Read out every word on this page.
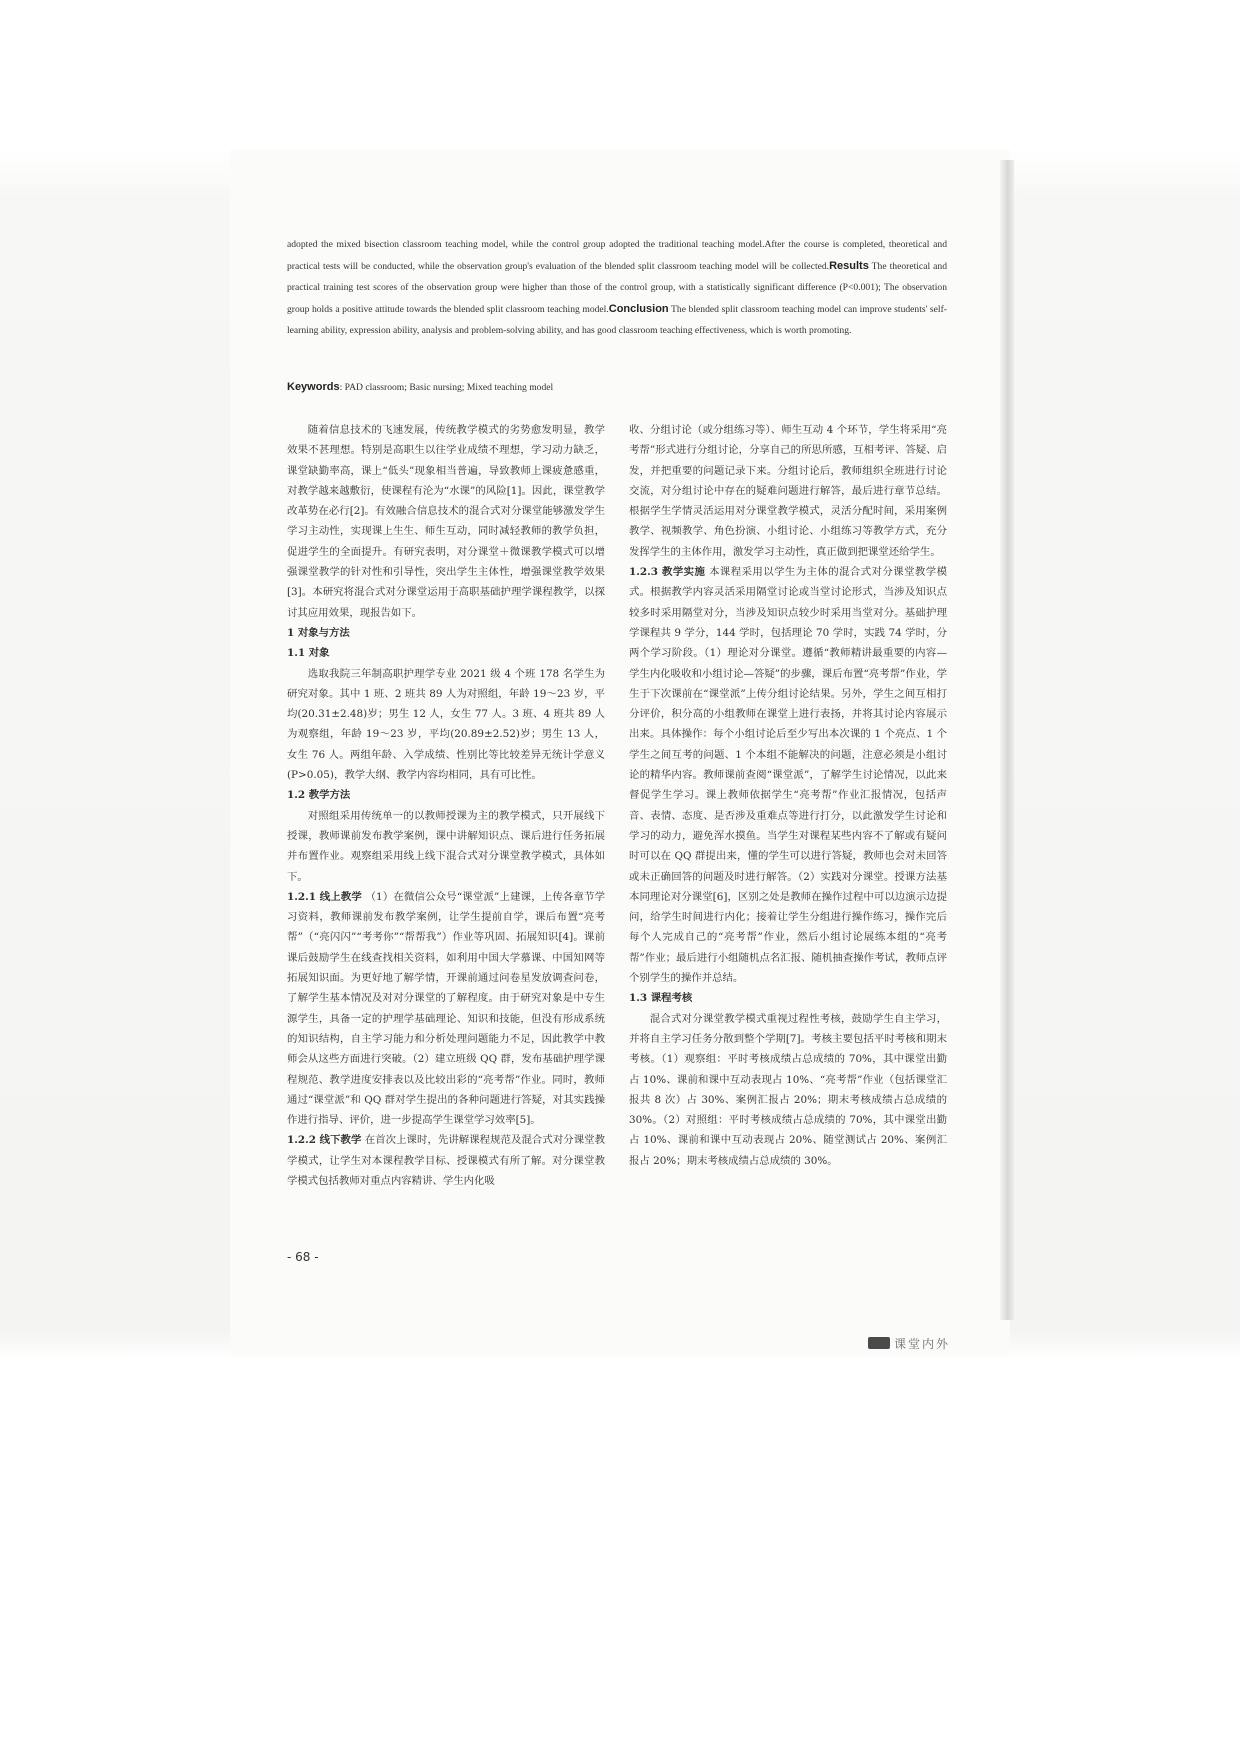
adopted the mixed bisection classroom teaching model, while the control group adopted the traditional teaching model.After the course is completed, theoretical and practical tests will be conducted, while the observation group's evaluation of the blended split classroom teaching model will be collected.Results The theoretical and practical training test scores of the observation group were higher than those of the control group, with a statistically significant difference (P<0.001); The observation group holds a positive attitude towards the blended split classroom teaching model.Conclusion The blended split classroom teaching model can improve students' self-learning ability, expression ability, analysis and problem-solving ability, and has good classroom teaching effectiveness, which is worth promoting.
Keywords: PAD classroom; Basic nursing; Mixed teaching model

随着信息技术的飞速发展，传统教学模式的劣势愈发明显，教学效果不甚理想。特别是高职生以往学业成绩不理想，学习动力缺乏，课堂缺勤率高，课上“低头”现象相当普遍，导致教师上课疲惫感重，对教学越来越敷衍，使课程有沦为“水课”的风险[1]。因此，课堂教学改革势在必行[2]。有效融合信息技术的混合式对分课堂能够激发学生学习主动性，实现课上生生、师生互动，同时减轻教师的教学负担，促进学生的全面提升。有研究表明，对分课堂＋微课教学模式可以增强课堂教学的针对性和引导性，突出学生主体性，增强课堂教学效果[3]。本研究将混合式对分课堂运用于高职基础护理学课程教学，以探讨其应用效果，现报告如下。

1 对象与方法

1.1 对象

选取我院三年制高职护理学专业 2021 级 4 个班 178 名学生为研究对象。其中 1 班、2 班共 89 人为对照组，年龄 19～23 岁，平均(20.31±2.48)岁；男生 12 人，女生 77 人。3 班、4 班共 89 人为观察组，年龄 19～23 岁，平均(20.89±2.52)岁；男生 13 人，女生 76 人。两组年龄、入学成绩、性别比等比较差异无统计学意义(P>0.05)，教学大纲、教学内容均相同，具有可比性。

1.2 教学方法

对照组采用传统单一的以教师授课为主的教学模式，只开展线下授课，教师课前发布教学案例，课中讲解知识点、课后进行任务拓展并布置作业。观察组采用线上线下混合式对分课堂教学模式，具体如下。

1.2.1 线上教学 （1）在微信公众号“课堂派”上建课，上传各章节学习资料，教师课前发布教学案例，让学生提前自学，课后布置“亮考帮”（“亮闪闪”“考考你”“帮帮我”）作业等巩固、拓展知识[4]。课前课后鼓励学生在线查找相关资料，如利用中国大学慕课、中国知网等拓展知识面。为更好地了解学情，开课前通过问卷星发放调查问卷，了解学生基本情况及对对分课堂的了解程度。由于研究对象是中专生源学生，具备一定的护理学基础理论、知识和技能，但没有形成系统的知识结构，自主学习能力和分析处理问题能力不足，因此教学中教师会从这些方面进行突破。（2）建立班级 QQ 群，发布基础护理学课程规范、教学进度安排表以及比较出彩的“亮考帮”作业。同时，教师通过“课堂派”和 QQ 群对学生提出的各种问题进行答疑，对其实践操作进行指导、评价，进一步提高学生课堂学习效率[5]。

1.2.2 线下教学 在首次上课时，先讲解课程规范及混合式对分课堂教学模式，让学生对本课程教学目标、授课模式有所了解。对分课堂教学模式包括教师对重点内容精讲、学生内化吸

收、分组讨论（或分组练习等）、师生互动 4 个环节，学生将采用“亮考帮”形式进行分组讨论，分享自己的所思所感，互相考评、答疑、启发，并把重要的问题记录下来。分组讨论后，教师组织全班进行讨论交流，对分组讨论中存在的疑难问题进行解答，最后进行章节总结。根据学生学情灵活运用对分课堂教学模式，灵活分配时间，采用案例教学、视频教学、角色扮演、小组讨论、小组练习等教学方式，充分发挥学生的主体作用，激发学习主动性，真正做到把课堂还给学生。

1.2.3 教学实施 本课程采用以学生为主体的混合式对分课堂教学模式。根据教学内容灵活采用隔堂讨论或当堂讨论形式，当涉及知识点较多时采用隔堂对分，当涉及知识点较少时采用当堂对分。基础护理学课程共 9 学分，144 学时，包括理论 70 学时，实践 74 学时，分两个学习阶段。（1）理论对分课堂。遵循“教师精讲最重要的内容—学生内化吸收和小组讨论—答疑”的步骤，课后布置“亮考帮”作业，学生于下次课前在“课堂派”上传分组讨论结果。另外，学生之间互相打分评价，积分高的小组教师在课堂上进行表扬，并将其讨论内容展示出来。具体操作：每个小组讨论后至少写出本次课的 1 个亮点、1 个学生之间互考的问题、1 个本组不能解决的问题，注意必须是小组讨论的精华内容。教师课前查阅“课堂派”，了解学生讨论情况，以此来督促学生学习。课上教师依据学生“亮考帮”作业汇报情况，包括声音、表情、态度、是否涉及重难点等进行打分，以此激发学生讨论和学习的动力，避免浑水摸鱼。当学生对课程某些内容不了解或有疑问时可以在 QQ 群提出来，懂的学生可以进行答疑，教师也会对未回答或未正确回答的问题及时进行解答。（2）实践对分课堂。授课方法基本同理论对分课堂[6]，区别之处是教师在操作过程中可以边演示边提问，给学生时间进行内化；接着让学生分组进行操作练习，操作完后每个人完成自己的“亮考帮”作业，然后小组讨论展练本组的“亮考帮”作业；最后进行小组随机点名汇报、随机抽查操作考试，教师点评个别学生的操作并总结。

1.3 课程考核

混合式对分课堂教学模式重视过程性考核，鼓励学生自主学习，并将自主学习任务分散到整个学期[7]。考核主要包括平时考核和期末考核。（1）观察组：平时考核成绩占总成绩的 70%，其中课堂出勤占 10%、课前和课中互动表现占 10%、“亮考帮”作业（包括课堂汇报共 8 次）占 30%、案例汇报占 20%；期末考核成绩占总成绩的 30%。（2）对照组：平时考核成绩占总成绩的 70%，其中课堂出勤占 10%、课前和课中互动表现占 20%、随堂测试占 20%、案例汇报占 20%；期末考核成绩占总成绩的 30%。

- 68 -
课堂内外
